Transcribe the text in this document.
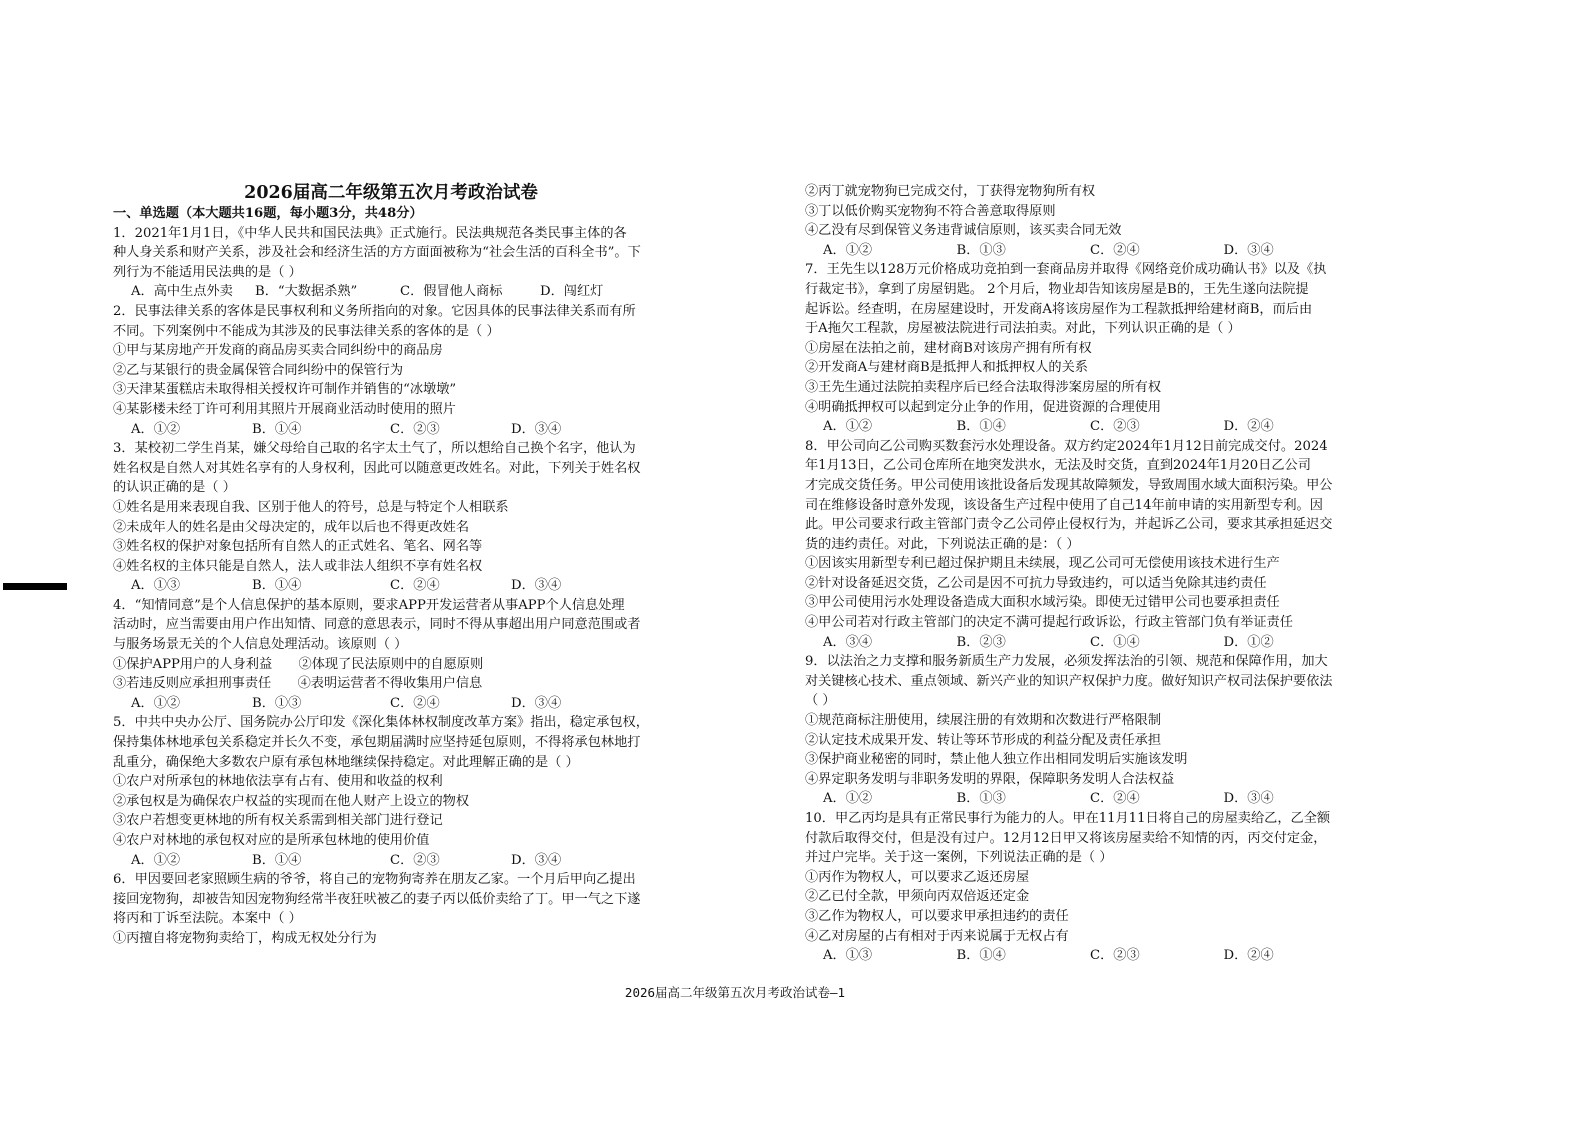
2026届高二年级第五次月考政治试卷
一、单选题（本大题共16题，每小题3分，共48分）
1．2021年1月1日，《中华人民共和国民法典》正式施行。民法典规范各类民事主体的各
种人身关系和财产关系，涉及社会和经济生活的方方面面被称为“社会生活的百科全书”。下
列行为不能适用民法典的是（ ）
A．高中生点外卖	B．“大数据杀熟”	C．假冒他人商标	D．闯红灯
2．民事法律关系的客体是民事权利和义务所指向的对象。它因具体的民事法律关系而有所
不同。下列案例中不能成为其涉及的民事法律关系的客体的是（ ）
①甲与某房地产开发商的商品房买卖合同纠纷中的商品房
②乙与某银行的贵金属保管合同纠纷中的保管行为
③天津某蛋糕店未取得相关授权许可制作并销售的“冰墩墩”
④某影楼未经丁许可利用其照片开展商业活动时使用的照片
A．①②	B．①④	C．②③	D．③④
3．某校初二学生肖某，嫌父母给自己取的名字太土气了，所以想给自己换个名字，他认为
姓名权是自然人对其姓名享有的人身权利，因此可以随意更改姓名。对此，下列关于姓名权
的认识正确的是（ ）
①姓名是用来表现自我、区别于他人的符号，总是与特定个人相联系
②未成年人的姓名是由父母决定的，成年以后也不得更改姓名
③姓名权的保护对象包括所有自然人的正式姓名、笔名、网名等
④姓名权的主体只能是自然人，法人或非法人组织不享有姓名权
A．①③	B．①④	C．②④	D．③④
4．“知情同意”是个人信息保护的基本原则，要求APP开发运营者从事APP个人信息处理
活动时，应当需要由用户作出知情、同意的意思表示，同时不得从事超出用户同意范围或者
与服务场景无关的个人信息处理活动。该原则（ ）
①保护APP用户的人身利益　　②体现了民法原则中的自愿原则
③若违反则应承担刑事责任　　④表明运营者不得收集用户信息
A．①②	B．①③	C．②④	D．③④
5．中共中央办公厅、国务院办公厅印发《深化集体林权制度改革方案》指出，稳定承包权，
保持集体林地承包关系稳定并长久不变，承包期届满时应坚持延包原则，不得将承包林地打
乱重分，确保绝大多数农户原有承包林地继续保持稳定。对此理解正确的是（ ）
①农户对所承包的林地依法享有占有、使用和收益的权利
②承包权是为确保农户权益的实现而在他人财产上设立的物权
③农户若想变更林地的所有权关系需到相关部门进行登记
④农户对林地的承包权对应的是所承包林地的使用价值
A．①②	B．①④	C．②③	D．③④
6．甲因要回老家照顾生病的爷爷，将自己的宠物狗寄养在朋友乙家。一个月后甲向乙提出
接回宠物狗，却被告知因宠物狗经常半夜狂吠被乙的妻子丙以低价卖给了丁。甲一气之下遂
将丙和丁诉至法院。本案中（ ）
①丙擅自将宠物狗卖给丁，构成无权处分行为
②丙丁就宠物狗已完成交付，丁获得宠物狗所有权
③丁以低价购买宠物狗不符合善意取得原则
④乙没有尽到保管义务违背诚信原则，该买卖合同无效
A．①②	B．①③	C．②④	D．③④
7．王先生以128万元价格成功竞拍到一套商品房并取得《网络竞价成功确认书》以及《执
行裁定书》，拿到了房屋钥匙。 2个月后，物业却告知该房屋是B的，王先生遂向法院提
起诉讼。经查明，在房屋建设时，开发商A将该房屋作为工程款抵押给建材商B，而后由
于A拖欠工程款，房屋被法院进行司法拍卖。对此，下列认识正确的是（ ）
①房屋在法拍之前，建材商B对该房产拥有所有权
②开发商A与建材商B是抵押人和抵押权人的关系
③王先生通过法院拍卖程序后已经合法取得涉案房屋的所有权
④明确抵押权可以起到定分止争的作用，促进资源的合理使用
A．①②	B．①④	C．②③	D．②④
8．甲公司向乙公司购买数套污水处理设备。双方约定2024年1月12日前完成交付。2024
年1月13日，乙公司仓库所在地突发洪水，无法及时交货，直到2024年1月20日乙公司
才完成交货任务。甲公司使用该批设备后发现其故障频发，导致周围水域大面积污染。甲公
司在维修设备时意外发现，该设备生产过程中使用了自己14年前申请的实用新型专利。因
此。甲公司要求行政主管部门责令乙公司停止侵权行为，并起诉乙公司，要求其承担延迟交
货的违约责任。对此，下列说法正确的是：（ ）
①因该实用新型专利已超过保护期且未续展，现乙公司可无偿使用该技术进行生产
②针对设备延迟交货，乙公司是因不可抗力导致违约，可以适当免除其违约责任
③甲公司使用污水处理设备造成大面积水域污染。即使无过错甲公司也要承担责任
④甲公司若对行政主管部门的决定不满可提起行政诉讼，行政主管部门负有举证责任
A．③④	B．②③	C．①④	D．①②
9．以法治之力支撑和服务新质生产力发展，必须发挥法治的引领、规范和保障作用，加大
对关键核心技术、重点领域、新兴产业的知识产权保护力度。做好知识产权司法保护要依法
（ ）
①规范商标注册使用，续展注册的有效期和次数进行严格限制
②认定技术成果开发、转让等环节形成的利益分配及责任承担
③保护商业秘密的同时，禁止他人独立作出相同发明后实施该发明
④界定职务发明与非职务发明的界限，保障职务发明人合法权益
A．①②	B．①③	C．②④	D．③④
10．甲乙丙均是具有正常民事行为能力的人。甲在11月11日将自己的房屋卖给乙，乙全额
付款后取得交付，但是没有过户。12月12日甲又将该房屋卖给不知情的丙，丙交付定金，
并过户完毕。关于这一案例，下列说法正确的是（ ）
①丙作为物权人，可以要求乙返还房屋
②乙已付全款，甲须向丙双倍返还定金
③乙作为物权人，可以要求甲承担违约的责任
④乙对房屋的占有相对于丙来说属于无权占有
A．①③	B．①④	C．②③	D．②④
2026届高二年级第五次月考政治试卷—1
